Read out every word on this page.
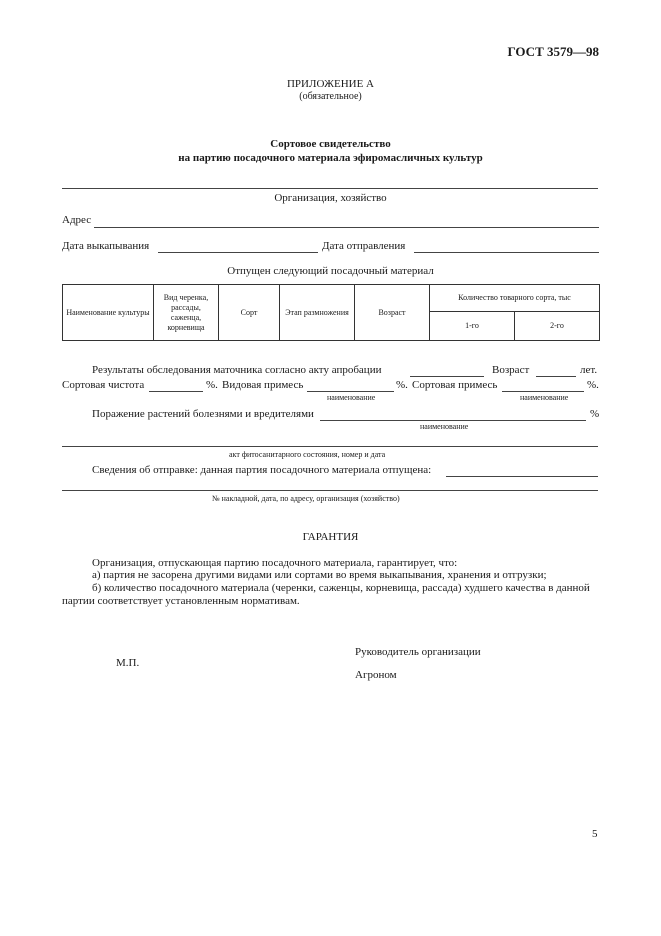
ГОСТ 3579—98
ПРИЛОЖЕНИЕ А
(обязательное)
Сортовое свидетельство
на партию посадочного материала эфиромасличных культур
Организация, хозяйство
Адрес
Дата выкапывания	Дата отправления
Отпущен следующий посадочный материал
Наименование культуры	Вид черенка, рассады, саженца, корневища	Сорт	Этап размножения	Возраст	Количество товарного сорта, тыс	
					1-го	2-го
Результаты обследования маточника согласно акту апробации	Возраст	лет.
Сортовая чистота	%. Видовая примесь	%. Сортовая примесь	%.
наименование	наименование
Поражение растений болезнями и вредителями	%
наименование
акт фитосанитарного состояния, номер и дата
Сведения об отправке: данная партия посадочного материала отпущена:
№ накладной, дата, по адресу, организация (хозяйство)
ГАРАНТИЯ
Организация, отпускающая партию посадочного материала, гарантирует, что:
а) партия не засорена другими видами или сортами во время выкапывания, хранения и отгрузки;
б) количество посадочного материала (черенки, саженцы, корневища, рассада) худшего качества в данной
партии соответствует установленным нормативам.
Руководитель организации
М.П.
Агроном
5
